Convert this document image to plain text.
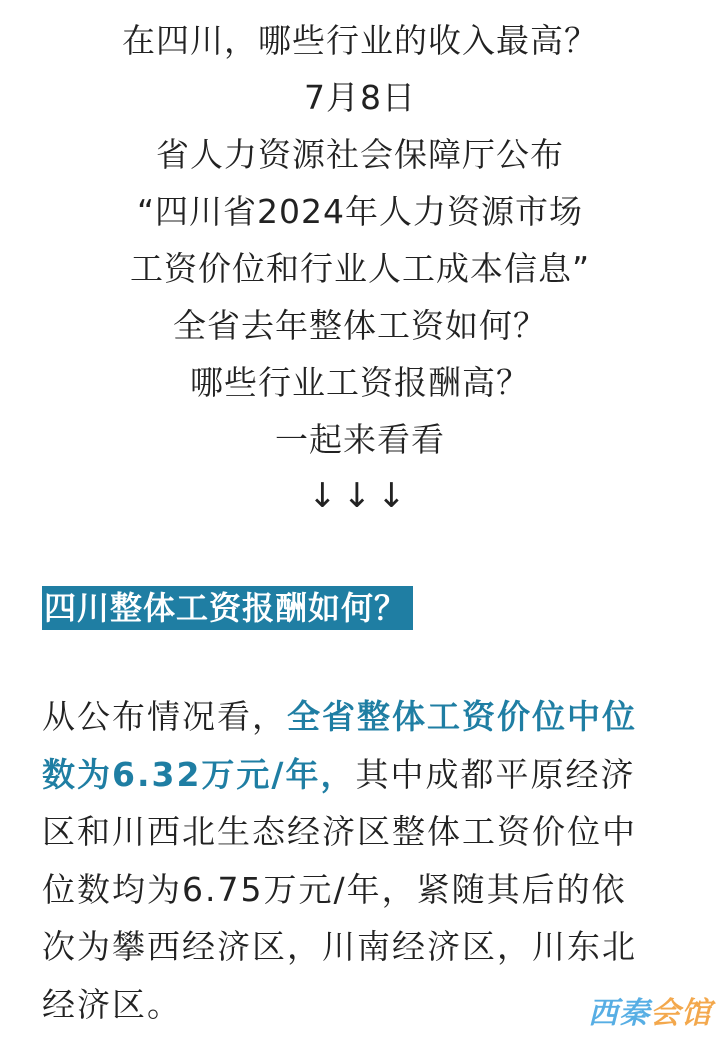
在四川，哪些行业的收入最高？
7月8日
省人力资源社会保障厅公布
“四川省2024年人力资源市场
工资价位和行业人工成本信息”
全省去年整体工资如何？
哪些行业工资报酬高？
一起来看看
↓↓↓
四川整体工资报酬如何？
从公布情况看，全省整体工资价位中位
数为6.32万元/年，其中成都平原经济
区和川西北生态经济区整体工资价位中
位数均为6.75万元/年，紧随其后的依
次为攀西经济区，川南经济区，川东北
经济区。	西秦会馆
